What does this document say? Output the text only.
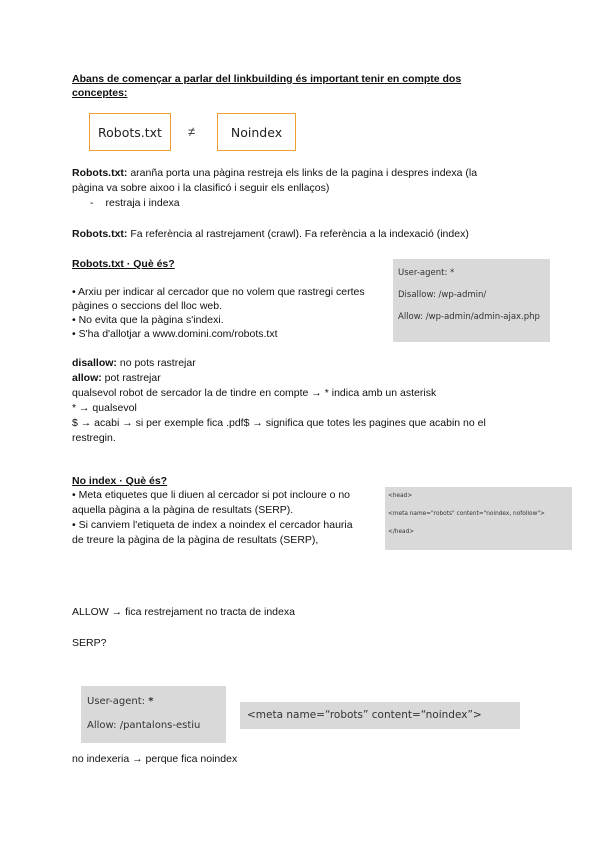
Abans de començar a parlar del linkbuilding és important tenir en compte dos
conceptes:
Robots.txt	≠	Noindex
Robots.txt: aranña porta una pàgina restreja els links de la pagina i despres indexa (la
pàgina va sobre aixoo i la clasificó i seguir els enllaços)
- restraja i indexa
Robots.txt: Fa referència al rastrejament (crawl). Fa referència a la indexació (index)
Robots.txt · Què és?
• Arxiu per indicar al cercador que no volem que rastregi certes
pàgines o seccions del lloc web.
• No evita que la pàgina s'indexi.
• S'ha d'allotjar a www.domini.com/robots.txt
User-agent: *
Disallow: /wp-admin/
Allow: /wp-admin/admin-ajax.php
disallow: no pots rastrejar
allow: pot rastrejar
qualsevol robot de sercador la de tindre en compte → * indica amb un asterisk
* → qualsevol
$ → acabi → si per exemple fica .pdf$ → significa que totes les pagines que acabin no el
restregin.
No index · Què és?
• Meta etiquetes que li diuen al cercador si pot incloure o no
aquella pàgina a la pàgina de resultats (SERP).
• Si canviem l'etiqueta de index a noindex el cercador hauria
de treure la pàgina de la pàgina de resultats (SERP),
<head>
<meta name="robots" content="noindex, nofollow">
</head>
ALLOW → fica restrejament no tracta de indexa
SERP?
User-agent: *
Allow: /pantalons-estiu
<meta name=“robots” content=“noindex”>
no indexeria → perque fica noindex
